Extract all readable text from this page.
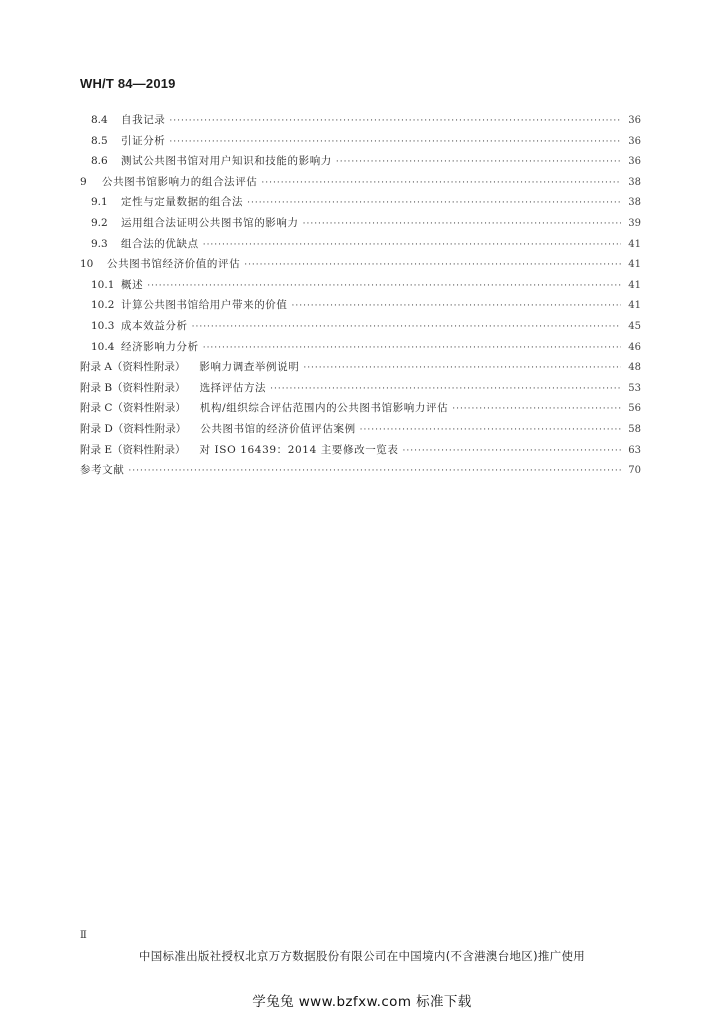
WH/T 84—2019
8.4	自我记录 ·····	36
8.5	引证分析 ·····	36
8.6	测试公共图书馆对用户知识和技能的影响力 ·····	36
9	公共图书馆影响力的组合法评估 ·····	38
9.1	定性与定量数据的组合法 ·····	38
9.2	运用组合法证明公共图书馆的影响力 ·····	39
9.3	组合法的优缺点 ·····	41
10	公共图书馆经济价值的评估 ·····	41
10.1 概述 ·····	41
10.2 计算公共图书馆给用户带来的价值 ·····	41
10.3 成本效益分析 ·····	45
10.4 经济影响力分析 ·····	46
附录 A（资料性附录） 影响力调查举例说明 ·····	48
附录 B（资料性附录） 选择评估方法 ·····	53
附录 C（资料性附录） 机构/组织综合评估范围内的公共图书馆影响力评估 ·····	56
附录 D（资料性附录） 公共图书馆的经济价值评估案例 ·····	58
附录 E（资料性附录） 对 ISO 16439：2014 主要修改一览表 ·····	63
参考文献 ·····	70
Ⅱ
中国标准出版社授权北京万方数据股份有限公司在中国境内(不含港澳台地区)推广使用
学兔兔 www.bzfxw.com 标准下载
